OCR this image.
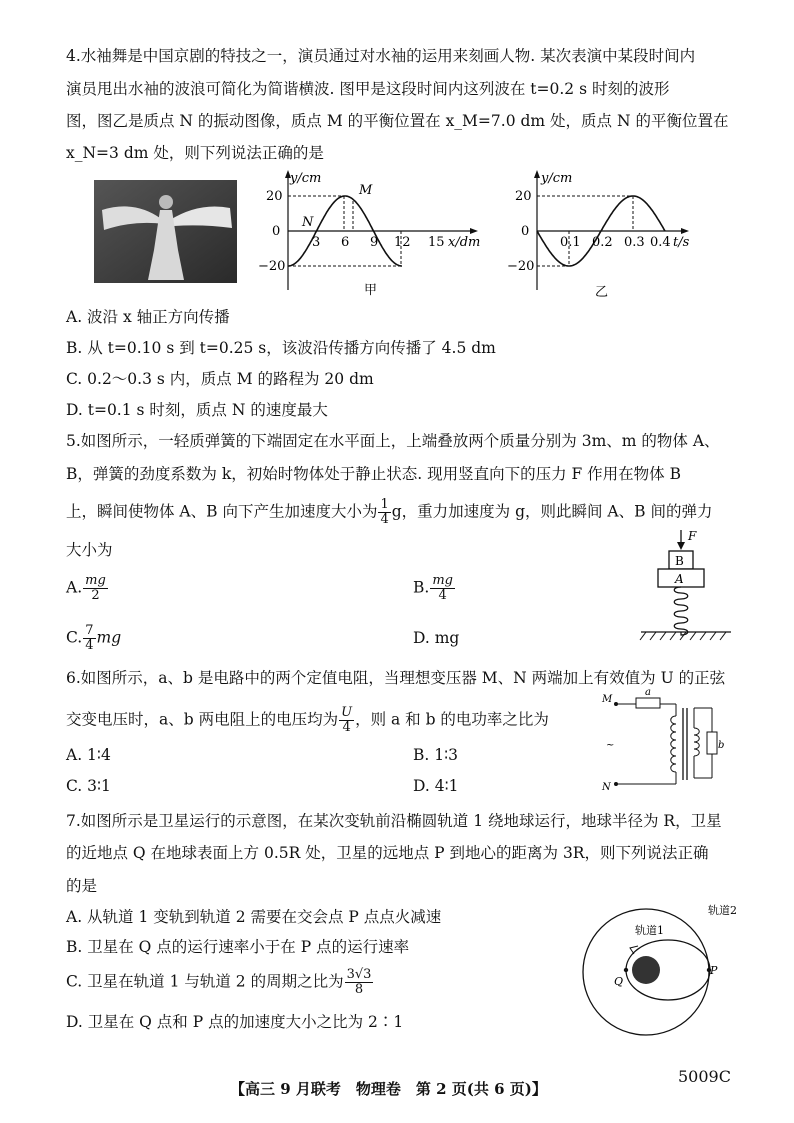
4.水袖舞是中国京剧的特技之一，演员通过对水袖的运用来刻画人物. 某次表演中某段时间内
演员甩出水袖的波浪可简化为简谐横波. 图甲是这段时间内这列波在 t=0.2 s 时刻的波形
图，图乙是质点 N 的振动图像，质点 M 的平衡位置在 x_M=7.0 dm 处，质点 N 的平衡位置在
x_N=3 dm 处，则下列说法正确的是
y/cm
x/dm
20
0
−20
3 6 9 12 15
N
M
甲
y/cm
t/s
20
0
−20
0.1 0.2 0.3 0.4
乙
A. 波沿 x 轴正方向传播
B. 从 t=0.10 s 到 t=0.25 s，该波沿传播方向传播了 4.5 dm
C. 0.2～0.3 s 内，质点 M 的路程为 20 dm
D. t=0.1 s 时刻，质点 N 的速度最大
5.如图所示，一轻质弹簧的下端固定在水平面上，上端叠放两个质量分别为 3m、m 的物体 A、
B，弹簧的劲度系数为 k，初始时物体处于静止状态. 现用竖直向下的压力 F 作用在物体 B
上，瞬间使物体 A、B 向下产生加速度大小为 $\frac{1}{4}$ g，重力加速度为 g，则此瞬间 A、B 间的弹力
大小为
A. $\frac{mg}{2}$	B. $\frac{mg}{4}$
C. $\frac{7}{4}$ mg	D. mg
F
B
A
6.如图所示，a、b 是电路中的两个定值电阻，当理想变压器 M、N 两端加上有效值为 U 的正弦
交变电压时，a、b 两电阻上的电压均为 $\frac{U}{4}$ ，则 a 和 b 的电功率之比为
A. 1∶4	B. 1∶3
C. 3∶1	D. 4∶1
M
N
~
a
b
7.如图所示是卫星运行的示意图，在某次变轨前沿椭圆轨道 1 绕地球运行，地球半径为 R，卫星
的近地点 Q 在地球表面上方 0.5R 处，卫星的远地点 P 到地心的距离为 3R，则下列说法正确
的是
A. 从轨道 1 变轨到轨道 2 需要在交会点 P 点点火减速
B. 卫星在 Q 点的运行速率小于在 P 点的运行速率
C. 卫星在轨道 1 与轨道 2 的周期之比为 $\frac{3√3}{8}$
D. 卫星在 Q 点和 P 点的加速度大小之比为 2∶1
轨道1
轨道2
Q
P
【高三 9 月联考　物理卷　第 2 页(共 6 页)】
5009C
